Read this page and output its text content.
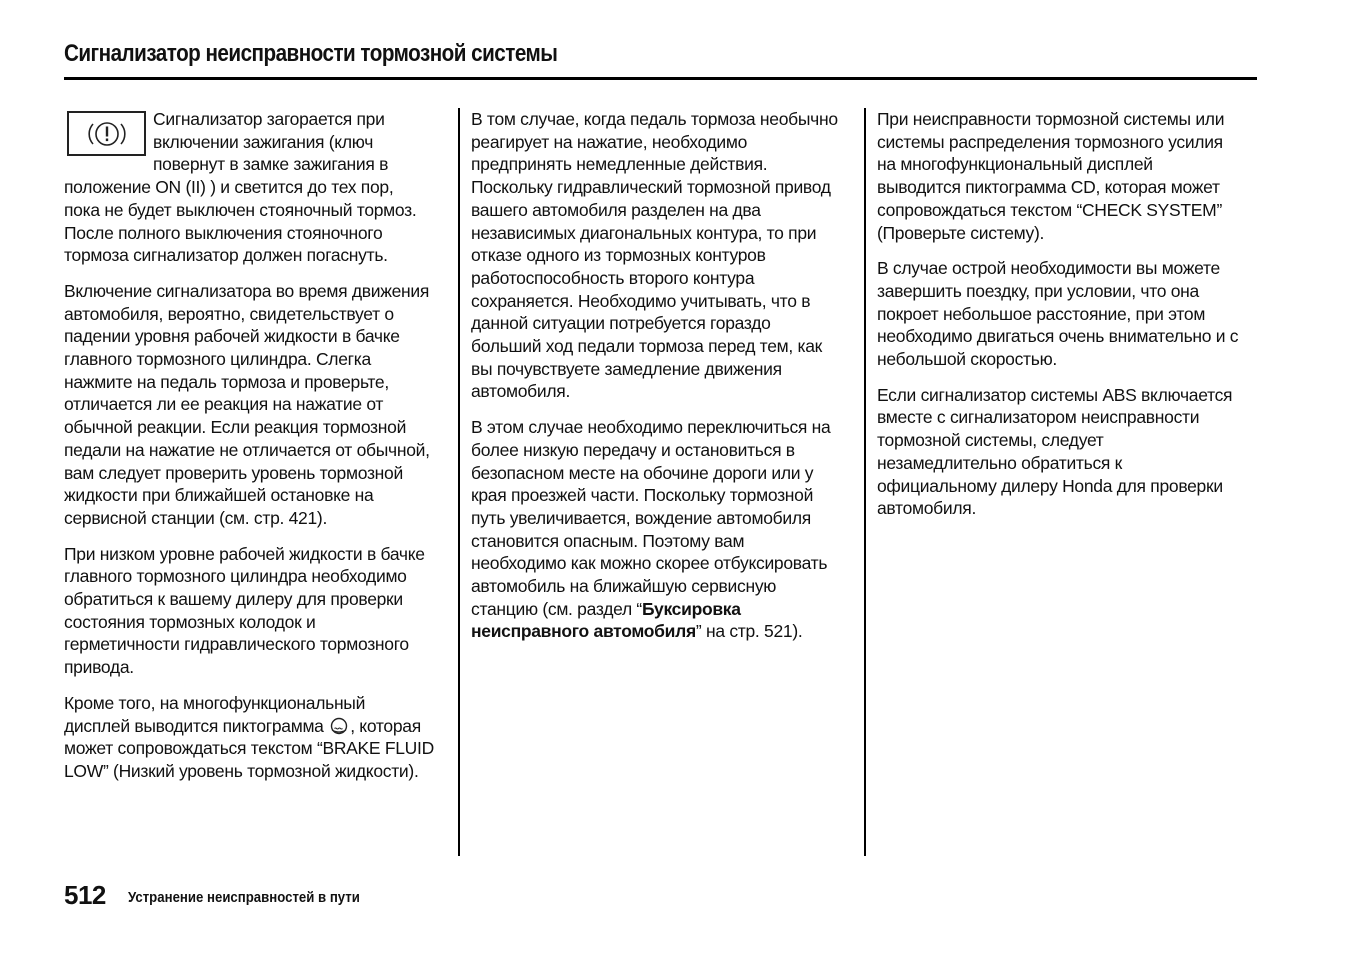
Сигнализатор неисправности тормозной системы

Сигнализатор загорается при
включении зажигания (ключ
повернут в замке зажигания в
положение ON (II) ) и светится до тех пор,
пока не будет выключен стояночный тормоз.
После полного выключения стояночного
тормоза сигнализатор должен погаснуть.

Включение сигнализатора во время движения
автомобиля, вероятно, свидетельствует о
падении уровня рабочей жидкости в бачке
главного тормозного цилиндра. Слегка
нажмите на педаль тормоза и проверьте,
отличается ли ее реакция на нажатие от
обычной реакции. Если реакция тормозной
педали на нажатие не отличается от обычной,
вам следует проверить уровень тормозной
жидкости при ближайшей остановке на
сервисной станции (см. стр. 421).

При низком уровне рабочей жидкости в бачке
главного тормозного цилиндра необходимо
обратиться к вашему дилеру для проверки
состояния тормозных колодок и
герметичности гидравлического тормозного
привода.

Кроме того, на многофункциональный
дисплей выводится пиктограмма , которая
может сопровождаться текстом “BRAKE FLUID
LOW” (Низкий уровень тормозной жидкости).

В том случае, когда педаль тормоза необычно
реагирует на нажатие, необходимо
предпринять немедленные действия.
Поскольку гидравлический тормозной привод
вашего автомобиля разделен на два
независимых диагональных контура, то при
отказе одного из тормозных контуров
работоспособность второго контура
сохраняется. Необходимо учитывать, что в
данной ситуации потребуется гораздо
больший ход педали тормоза перед тем, как
вы почувствуете замедление движения
автомобиля.

В этом случае необходимо переключиться на
более низкую передачу и остановиться в
безопасном месте на обочине дороги или у
края проезжей части. Поскольку тормозной
путь увеличивается, вождение автомобиля
становится опасным. Поэтому вам
необходимо как можно скорее отбуксировать
автомобиль на ближайшую сервисную
станцию (см. раздел “Буксировка
неисправного автомобиля” на стр. 521).

При неисправности тормозной системы или
системы распределения тормозного усилия
на многофункциональный дисплей
выводится пиктограмма CD, которая может
сопровождаться текстом “CHECK SYSTEM”
(Проверьте систему).

В случае острой необходимости вы можете
завершить поездку, при условии, что она
покроет небольшое расстояние, при этом
необходимо двигаться очень внимательно и с
небольшой скоростью.

Если сигнализатор системы ABS включается
вместе с сигнализатором неисправности
тормозной системы, следует
незамедлительно обратиться к
официальному дилеру Honda для проверки
автомобиля.

512 Устранение неисправностей в пути
